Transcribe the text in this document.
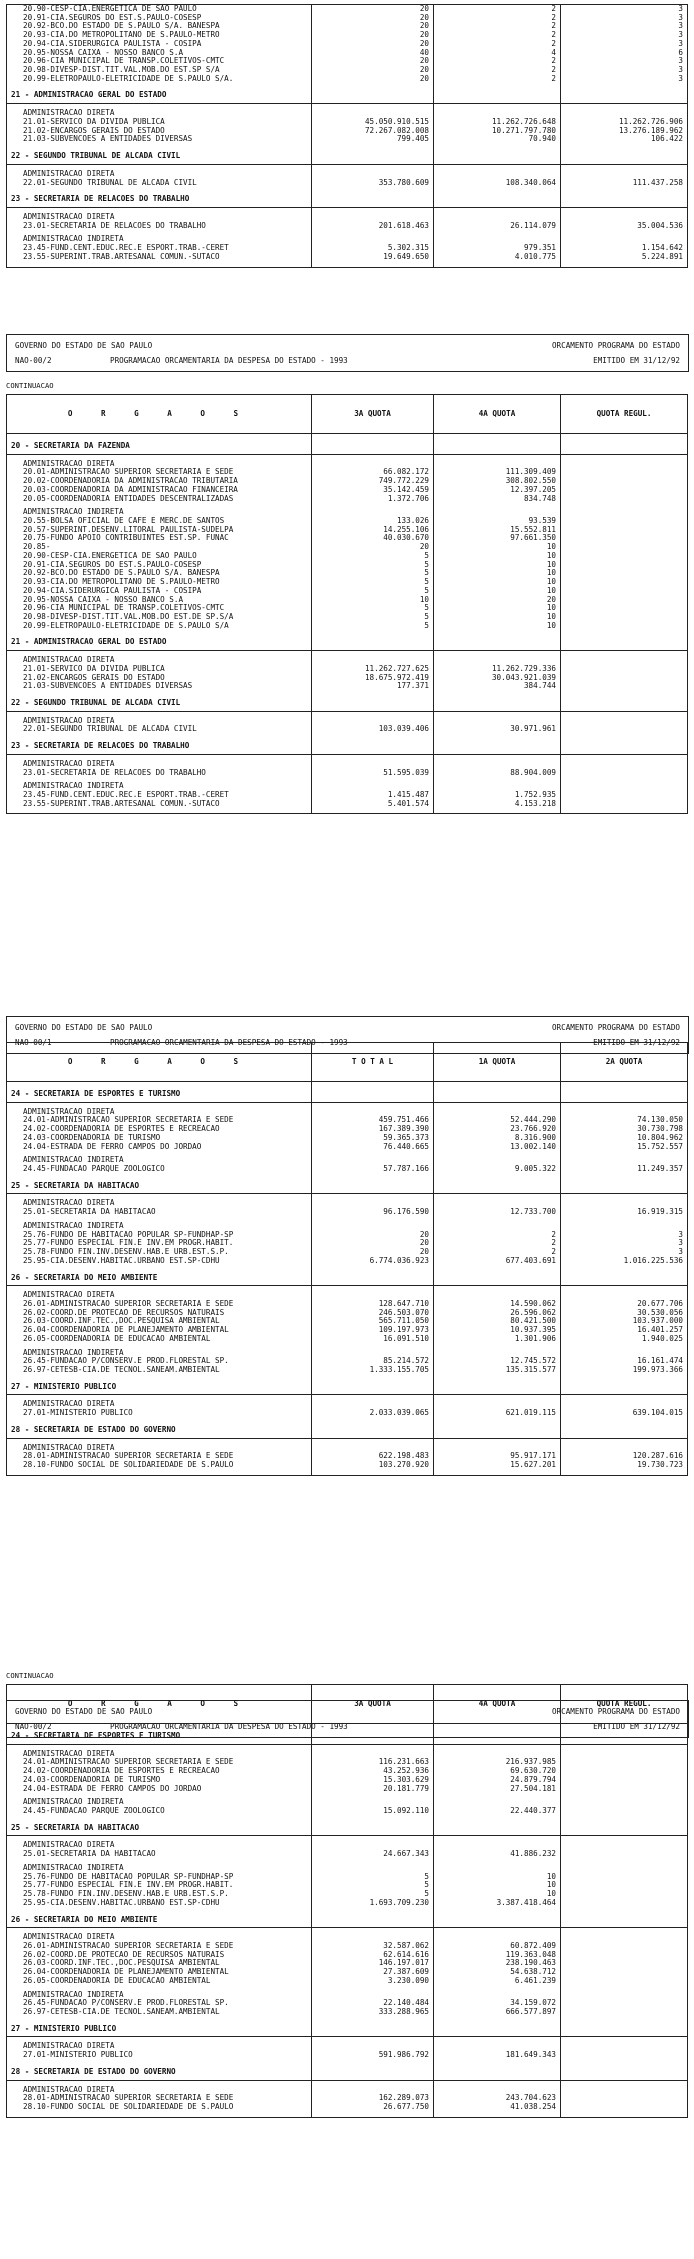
20.90-CESP-CIA.ENERGETICA DE SAO PAULO	20	2	3
20.91-CIA.SEGUROS DO EST.S.PAULO-COSESP	20	2	3
20.92-BCO.DO ESTADO DE S.PAULO S/A. BANESPA	20	2	3
20.93-CIA.DO METROPOLITANO DE S.PAULO-METRO	20	2	3
20.94-CIA.SIDERURGICA PAULISTA - COSIPA	20	2	3
20.95-NOSSA CAIXA - NOSSO BANCO S.A	40	4	6
20.96-CIA MUNICIPAL DE TRANSP.COLETIVOS-CMTC	20	2	3
20.98-DIVESP-DIST.TIT.VAL.MOB.DO EST.SP S/A	20	2	3
20.99-ELETROPAULO-ELETRICIDADE DE S.PAULO S/A.	20	2	3

21 - ADMINISTRACAO GERAL DO ESTADO			

ADMINISTRACAO DIRETA			
21.01-SERVICO DA DIVIDA PUBLICA	45.050.910.515	11.262.726.648	11.262.726.906
21.02-ENCARGOS GERAIS DO ESTADO	72.267.082.008	10.271.797.780	13.276.189.962
21.03-SUBVENCOES A ENTIDADES DIVERSAS	799.405	70.940	106.422

22 - SEGUNDO TRIBUNAL DE ALCADA CIVIL			

ADMINISTRACAO DIRETA			
22.01-SEGUNDO TRIBUNAL DE ALCADA CIVIL	353.780.609	108.340.064	111.437.258

23 - SECRETARIA DE RELACOES DO TRABALHO			

ADMINISTRACAO DIRETA			
23.01-SECRETARIA DE RELACOES DO TRABALHO	201.618.463	26.114.079	35.004.536

ADMINISTRACAO INDIRETA			
23.45-FUND.CENT.EDUC.REC.E ESPORT.TRAB.-CERET	5.302.315	979.351	1.154.642
23.55-SUPERINT.TRAB.ARTESANAL COMUN.-SUTACO	19.649.650	4.010.775	5.224.891

GOVERNO DO ESTADO DE SAO PAULO	ORCAMENTO PROGRAMA DO ESTADO
NAO-00/2	PROGRAMACAO ORCAMENTARIA DA DESPESA DO ESTADO - 1993	EMITIDO EM 31/12/92
CONTINUACAO
O R G A O S	3A QUOTA	4A QUOTA	QUOTA REGUL.

20 - SECRETARIA DA FAZENDA			

ADMINISTRACAO DIRETA			
20.01-ADMINISTRACAO SUPERIOR SECRETARIA E SEDE	66.082.172	111.309.409	
20.02-COORDENADORIA DA ADMINISTRACAO TRIBUTARIA	749.772.229	308.802.550	
20.03-COORDENADORIA DA ADMINISTRACAO FINANCEIRA	35.142.459	12.397.205	
20.05-COORDENADORIA ENTIDADES DESCENTRALIZADAS	1.372.706	834.748	

ADMINISTRACAO INDIRETA			
20.55-BOLSA OFICIAL DE CAFE E MERC.DE SANTOS	133.026	93.539	
20.57-SUPERINT.DESENV.LITORAL PAULISTA-SUDELPA	14.255.106	15.552.811	
20.75-FUNDO APOIO CONTRIBUINTES EST.SP. FUNAC	40.030.670	97.661.350	
20.85-	20	10	
20.90-CESP-CIA.ENERGETICA DE SAO PAULO	5	10	
20.91-CIA.SEGUROS DO EST.S.PAULO-COSESP	5	10	
20.92-BCO.DO ESTADO DE S.PAULO S/A. BANESPA	5	10	
20.93-CIA.DO METROPOLITANO DE S.PAULO-METRO	5	10	
20.94-CIA.SIDERURGICA PAULISTA - COSIPA	5	10	
20.95-NOSSA CAIXA - NOSSO BANCO S.A	10	20	
20.96-CIA MUNICIPAL DE TRANSP.COLETIVOS-CMTC	5	10	
20.98-DIVESP-DIST.TIT.VAL.MOB.DO EST.DE SP.S/A	5	10	
20.99-ELETROPAULO-ELETRICIDADE DE S.PAULO S/A	5	10	

21 - ADMINISTRACAO GERAL DO ESTADO			

ADMINISTRACAO DIRETA			
21.01-SERVICO DA DIVIDA PUBLICA	11.262.727.625	11.262.729.336	
21.02-ENCARGOS GERAIS DO ESTADO	18.675.972.419	30.043.921.039	
21.03-SUBVENCOES A ENTIDADES DIVERSAS	177.371	384.744	

22 - SEGUNDO TRIBUNAL DE ALCADA CIVIL			

ADMINISTRACAO DIRETA			
22.01-SEGUNDO TRIBUNAL DE ALCADA CIVIL	103.039.406	30.971.961	

23 - SECRETARIA DE RELACOES DO TRABALHO			

ADMINISTRACAO DIRETA			
23.01-SECRETARIA DE RELACOES DO TRABALHO	51.595.039	88.904.009	

ADMINISTRACAO INDIRETA			
23.45-FUND.CENT.EDUC.REC.E ESPORT.TRAB.-CERET	1.415.487	1.752.935	
23.55-SUPERINT.TRAB.ARTESANAL COMUN.-SUTACO	5.401.574	4.153.218	

GOVERNO DO ESTADO DE SAO PAULO	ORCAMENTO PROGRAMA DO ESTADO
NAO-00/1	PROGRAMACAO ORCAMENTARIA DA DESPESA DO ESTADO - 1993	EMITIDO EM 31/12/92
O R G A O S	T O T A L	1A QUOTA	2A QUOTA

24 - SECRETARIA DE ESPORTES E TURISMO			

ADMINISTRACAO DIRETA			
24.01-ADMINISTRACAO SUPERIOR SECRETARIA E SEDE	459.751.466	52.444.290	74.130.050
24.02-COORDENADORIA DE ESPORTES E RECREACAO	167.389.390	23.766.920	30.730.798
24.03-COORDENADORIA DE TURISMO	59.365.373	8.316.900	10.804.962
24.04-ESTRADA DE FERRO CAMPOS DO JORDAO	76.440.665	13.002.140	15.752.557

ADMINISTRACAO INDIRETA			
24.45-FUNDACAO PARQUE ZOOLOGICO	57.787.166	9.005.322	11.249.357

25 - SECRETARIA DA HABITACAO			

ADMINISTRACAO DIRETA			
25.01-SECRETARIA DA HABITACAO	96.176.590	12.733.700	16.919.315

ADMINISTRACAO INDIRETA			
25.76-FUNDO DE HABITACAO POPULAR SP-FUNDHAP-SP	20	2	3
25.77-FUNDO ESPECIAL FIN.E INV.EM PROGR.HABIT.	20	2	3
25.78-FUNDO FIN.INV.DESENV.HAB.E URB.EST.S.P.	20	2	3
25.95-CIA.DESENV.HABITAC.URBANO EST.SP-CDHU	6.774.036.923	677.403.691	1.016.225.536

26 - SECRETARIA DO MEIO AMBIENTE			

ADMINISTRACAO DIRETA			
26.01-ADMINISTRACAO SUPERIOR SECRETARIA E SEDE	128.647.710	14.590.062	20.677.706
26.02-COORD.DE PROTECAO DE RECURSOS NATURAIS	246.503.070	26.596.062	30.530.056
26.03-COORD.INF.TEC.,DOC.PESQUISA AMBIENTAL	565.711.050	80.421.500	103.937.000
26.04-COORDENADORIA DE PLANEJAMENTO AMBIENTAL	109.197.973	10.937.395	16.401.257
26.05-COORDENADORIA DE EDUCACAO AMBIENTAL	16.091.510	1.301.906	1.940.025

ADMINISTRACAO INDIRETA			
26.45-FUNDACAO P/CONSERV.E PROD.FLORESTAL SP.	85.214.572	12.745.572	16.161.474
26.97-CETESB-CIA.DE TECNOL.SANEAM.AMBIENTAL	1.333.155.705	135.315.577	199.973.366

27 - MINISTERIO PUBLICO			

ADMINISTRACAO DIRETA			
27.01-MINISTERIO PUBLICO	2.033.039.065	621.019.115	639.104.015

28 - SECRETARIA DE ESTADO DO GOVERNO			

ADMINISTRACAO DIRETA			
28.01-ADMINISTRACAO SUPERIOR SECRETARIA E SEDE	622.198.483	95.917.171	120.287.616
28.10-FUNDO SOCIAL DE SOLIDARIEDADE DE S.PAULO	103.270.920	15.627.201	19.730.723

GOVERNO DO ESTADO DE SAO PAULO	ORCAMENTO PROGRAMA DO ESTADO
NAO-00/2	PROGRAMACAO ORCAMENTARIA DA DESPESA DO ESTADO - 1993	EMITIDO EM 31/12/92
CONTINUACAO
O R G A O S	3A QUOTA	4A QUOTA	QUOTA REGUL.

24 - SECRETARIA DE ESPORTES E TURISMO			

ADMINISTRACAO DIRETA			
24.01-ADMINISTRACAO SUPERIOR SECRETARIA E SEDE	116.231.663	216.937.985	
24.02-COORDENADORIA DE ESPORTES E RECREACAO	43.252.936	69.630.720	
24.03-COORDENADORIA DE TURISMO	15.303.629	24.879.794	
24.04-ESTRADA DE FERRO CAMPOS DO JORDAO	20.181.779	27.504.181	

ADMINISTRACAO INDIRETA			
24.45-FUNDACAO PARQUE ZOOLOGICO	15.092.110	22.440.377	

25 - SECRETARIA DA HABITACAO			

ADMINISTRACAO DIRETA			
25.01-SECRETARIA DA HABITACAO	24.667.343	41.886.232	

ADMINISTRACAO INDIRETA			
25.76-FUNDO DE HABITACAO POPULAR SP-FUNDHAP-SP	5	10	
25.77-FUNDO ESPECIAL FIN.E INV.EM PROGR.HABIT.	5	10	
25.78-FUNDO FIN.INV.DESENV.HAB.E URB.EST.S.P.	5	10	
25.95-CIA.DESENV.HABITAC.URBANO EST.SP-CDHU	1.693.709.230	3.387.418.464	

26 - SECRETARIA DO MEIO AMBIENTE			

ADMINISTRACAO DIRETA			
26.01-ADMINISTRACAO SUPERIOR SECRETARIA E SEDE	32.587.062	60.872.409	
26.02-COORD.DE PROTECAO DE RECURSOS NATURAIS	62.614.616	119.363.048	
26.03-COORD.INF.TEC.,DOC.PESQUISA AMBIENTAL	146.197.017	238.190.463	
26.04-COORDENADORIA DE PLANEJAMENTO AMBIENTAL	27.387.609	54.638.712	
26.05-COORDENADORIA DE EDUCACAO AMBIENTAL	3.230.090	6.461.239	

ADMINISTRACAO INDIRETA			
26.45-FUNDACAO P/CONSERV.E PROD.FLORESTAL SP.	22.140.484	34.159.072	
26.97-CETESB-CIA.DE TECNOL.SANEAM.AMBIENTAL	333.288.965	666.577.897	

27 - MINISTERIO PUBLICO			

ADMINISTRACAO DIRETA			
27.01-MINISTERIO PUBLICO	591.986.792	181.649.343	

28 - SECRETARIA DE ESTADO DO GOVERNO			

ADMINISTRACAO DIRETA			
28.01-ADMINISTRACAO SUPERIOR SECRETARIA E SEDE	162.289.073	243.704.623	
28.10-FUNDO SOCIAL DE SOLIDARIEDADE DE S.PAULO	26.677.750	41.038.254	
